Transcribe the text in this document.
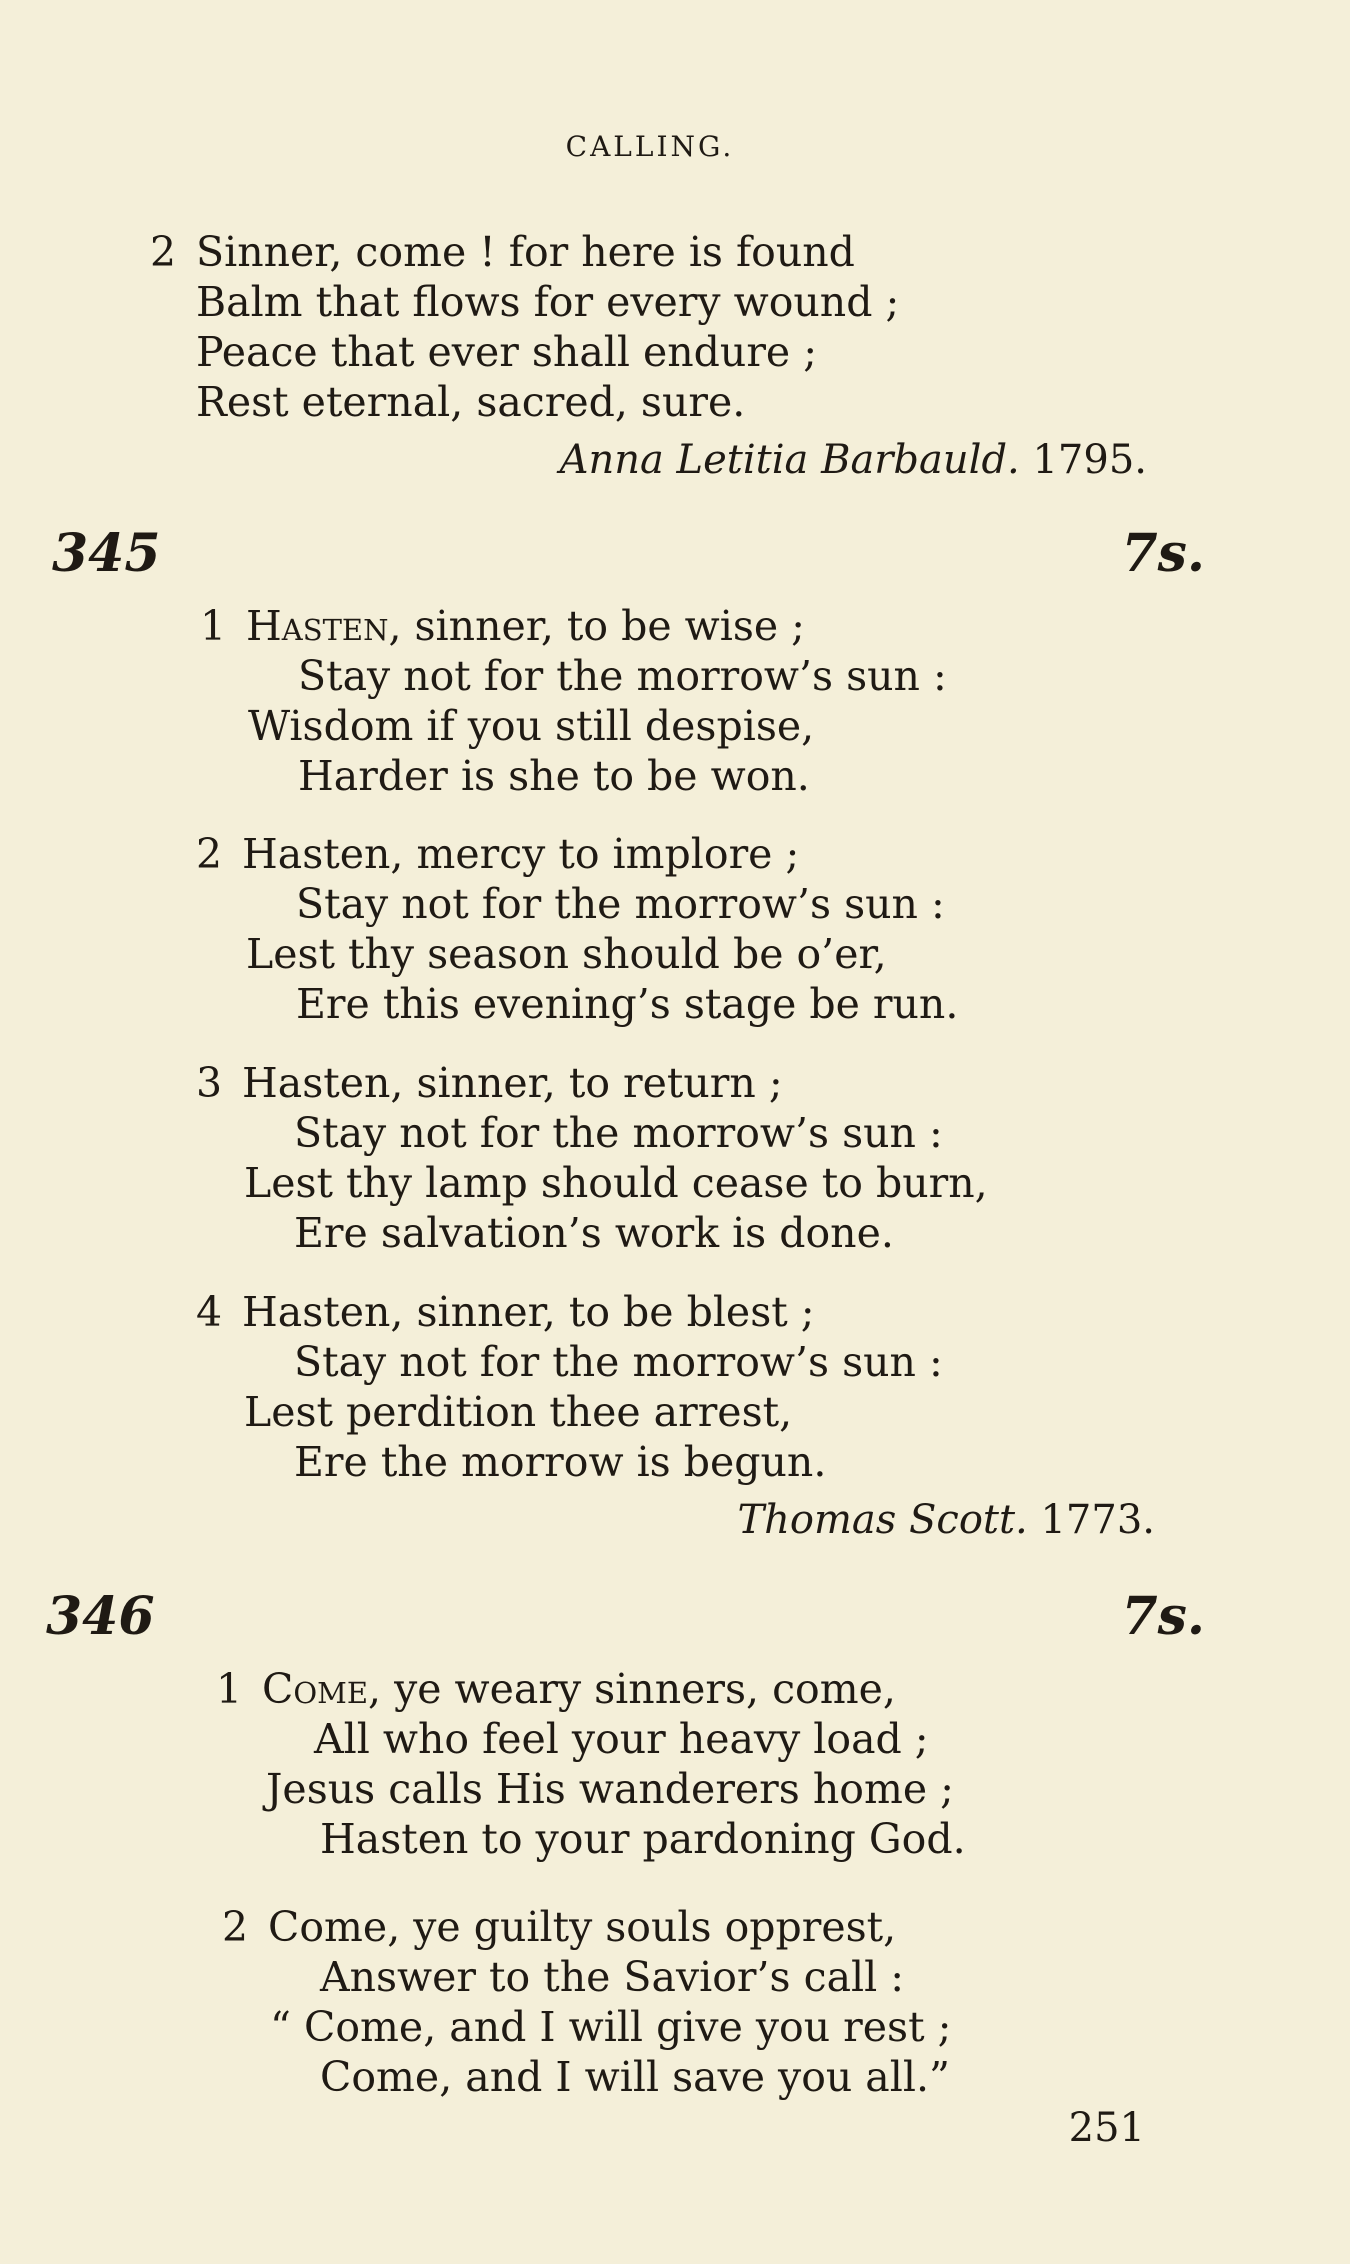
CALLING.
2 Sinner, come ! for here is found
Balm that flows for every wound ;
Peace that ever shall endure ;
Rest eternal, sacred, sure.
Anna Letitia Barbauld. 1795.
345	7s.
1 Hasten, sinner, to be wise ;
Stay not for the morrow’s sun :
Wisdom if you still despise,
Harder is she to be won.
2 Hasten, mercy to implore ;
Stay not for the morrow’s sun :
Lest thy season should be o’er,
Ere this evening’s stage be run.
3 Hasten, sinner, to return ;
Stay not for the morrow’s sun :
Lest thy lamp should cease to burn,
Ere salvation’s work is done.
4 Hasten, sinner, to be blest ;
Stay not for the morrow’s sun :
Lest perdition thee arrest,
Ere the morrow is begun.
Thomas Scott. 1773.
346	7s.
1 Come, ye weary sinners, come,
All who feel your heavy load ;
Jesus calls His wanderers home ;
Hasten to your pardoning God.
2 Come, ye guilty souls opprest,
Answer to the Savior’s call :
“ Come, and I will give you rest ;
Come, and I will save you all.”
251
